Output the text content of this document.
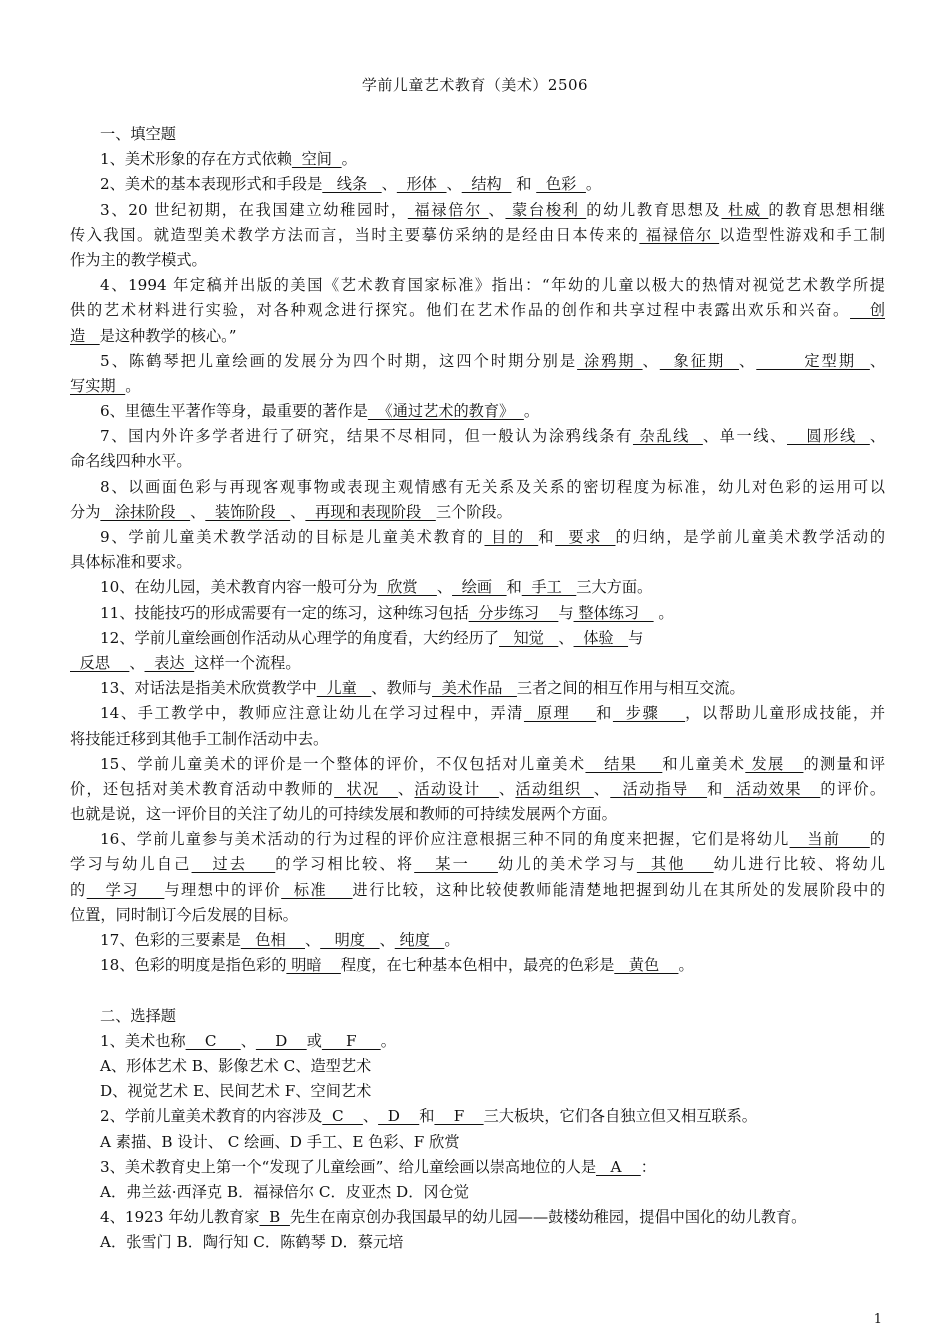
学前儿童艺术教育（美术）2506
一、填空题
1、美术形象的存在方式依赖  空间  。
2、美术的基本表现形式和手段是   线条   、  形体  、  结构   和   色彩  。
3、20 世纪初期，在我国建立幼稚园时， 福禄倍尔 、 蒙台梭利 的幼儿教育思想及 杜威 的教育思想相继
传入我国。就造型美术教学方法而言，当时主要摹仿采纳的是经由日本传来的 福禄倍尔 以造型性游戏和手工制
作为主的教学模式。
4、1994 年定稿并出版的美国《艺术教育国家标准》指出：“年幼的儿童以极大的热情对视觉艺术教学所提
供的艺术材料进行实验，对各种观念进行探究。他们在艺术作品的创作和共享过程中表露出欢乐和兴奋。   创
造   是这种教学的核心。”
5、陈鹤琴把儿童绘画的发展分为四个时期，这四个时期分别是 涂鸦期 、  象征期  、       定型期  、
写实期  。
6、里德生平著作等身，最重要的著作是  《通过艺术的教育》  。
7、国内外许多学者进行了研究，结果不尽相同，但一般认为涂鸦线条有 杂乱线  、单一线、   圆形线  、
命名线四种水平。
8、以画面色彩与再现客观事物或表现主观情感有无关系及关系的密切程度为标准，幼儿对色彩的运用可以
分为   涂抹阶段   、  装饰阶段   、  再现和表现阶段   三个阶段。
9、学前儿童美术教学活动的目标是儿童美术教育的 目的  和  要求  的归纳，是学前儿童美术教学活动的
具体标准和要求。
10、在幼儿园，美术教育内容一般可分为  欣赏    、  绘画   和  手工   三大方面。
11、技能技巧的形成需要有一定的练习，这种练习包括  分步练习    与 整体练习    。
12、学前儿童绘画创作活动从心理学的角度看，大约经历了   知觉   、  体验   与
反思    、  表达  这样一个流程。
13、对话法是指美术欣赏教学中  儿童   、教师与  美术作品   三者之间的相互作用与相互交流。
14、手工教学中，教师应注意让幼儿在学习过程中，弄清  原理    和  步骤    ，以帮助儿童形成技能，并
将技能迁移到其他手工制作活动中去。
15、学前儿童美术的评价是一个整体的评价，不仅包括对儿童美术   结果    和儿童美术 发展   的测量和评
价，还包括对美术教育活动中教师的  状况   、活动设计   、活动组织  、  活动指导   和  活动效果   的评价。
也就是说，这一评价目的关注了幼儿的可持续发展和教师的可持续发展两个方面。
16、学前儿童参与美术活动的行为过程的评价应注意根据三种不同的角度来把握，它们是将幼儿   当前     的
学习与幼儿自己   过去    的学习相比较、将   某一    幼儿的美术学习与  其他    幼儿进行比较、将幼儿
的   学习    与理想中的评价  标准    进行比较，这种比较使教师能清楚地把握到幼儿在其所处的发展阶段中的
位置，同时制订今后发展的目标。
17、色彩的三要素是   色相    、   明度   、 纯度   。
18、色彩的明度是指色彩的 明暗    程度，在七种基本色相中，最亮的色彩是   黄色    。
二、选择题
1、美术也称    C     、    D    或     F     。
A、形体艺术 B、影像艺术 C、造型艺术
D、视觉艺术 E、民间艺术 F、空间艺术
2、学前儿童美术教育的内容涉及  C    、  D    和    F    三大板块，它们各自独立但又相互联系。
A 素描、B 设计、 C 绘画、D 手工、E 色彩、F 欣赏
3、美术教育史上第一个“发现了儿童绘画”、给儿童绘画以崇高地位的人是   A    ：
A．弗兰兹·西泽克 B．福禄倍尔 C．皮亚杰 D．冈仓觉
4、1923 年幼儿教育家  B  先生在南京创办我国最早的幼儿园——鼓楼幼稚园，提倡中国化的幼儿教育。
A．张雪门 B．陶行知 C．陈鹤琴 D．蔡元培
1
